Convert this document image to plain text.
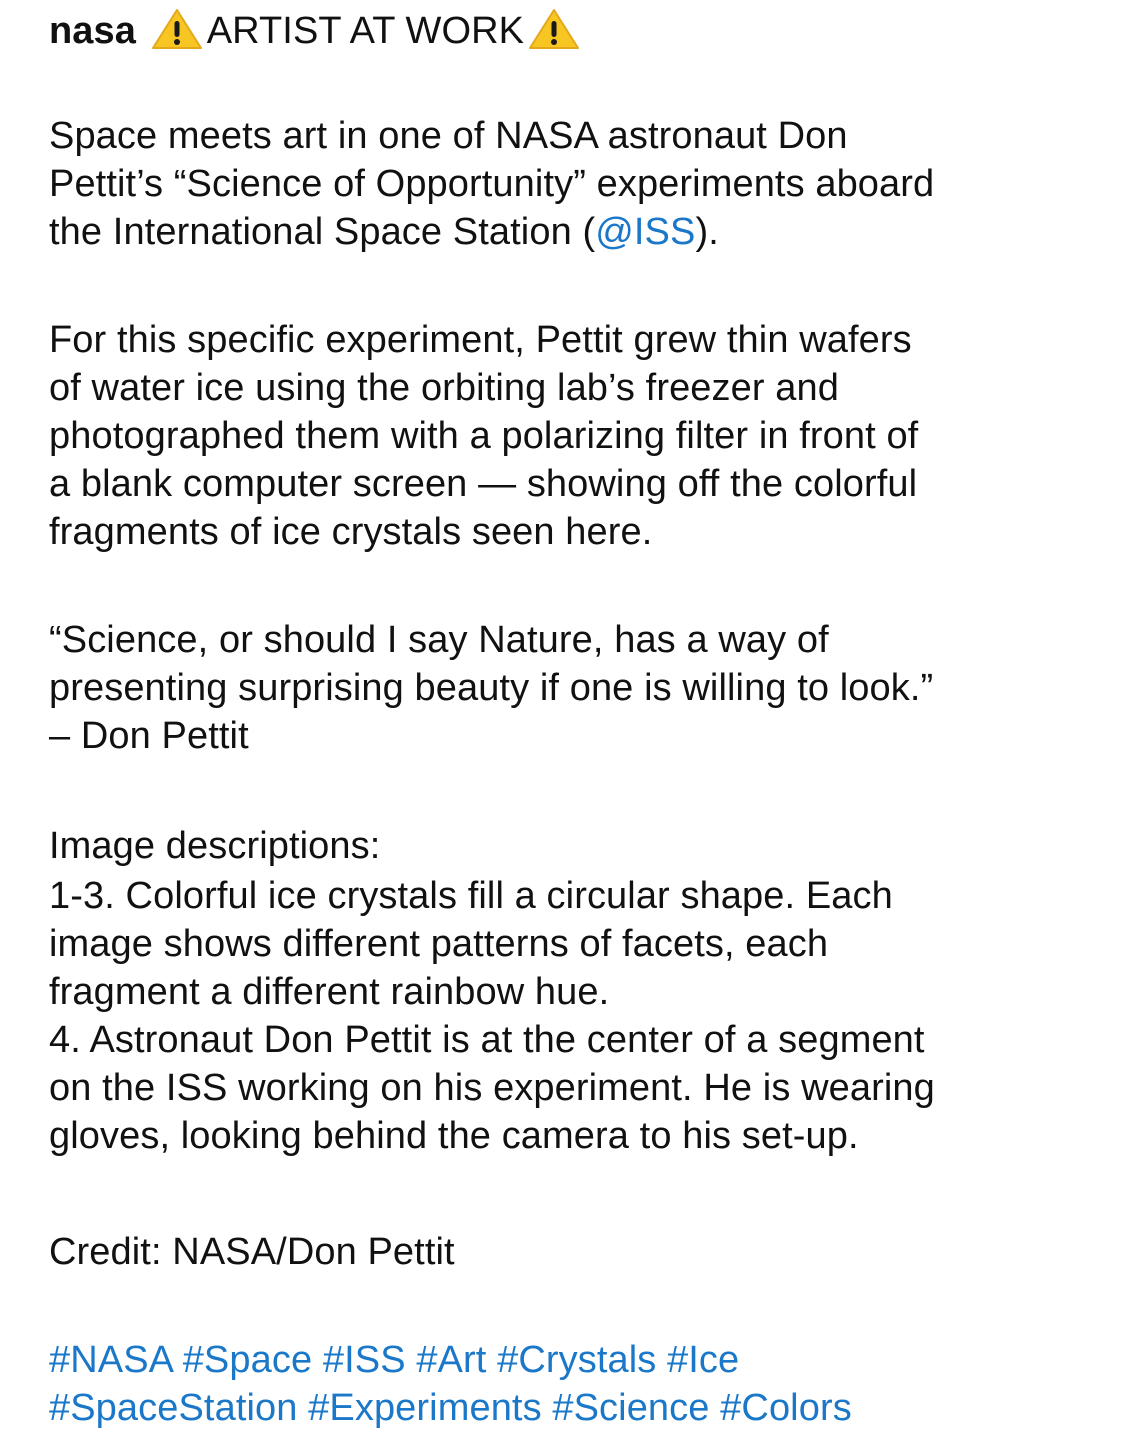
nasa ARTIST AT WORK
Space meets art in one of NASA astronaut Don
Pettit’s “Science of Opportunity” experiments aboard
the International Space Station (@ISS).
For this specific experiment, Pettit grew thin wafers
of water ice using the orbiting lab’s freezer and
photographed them with a polarizing filter in front of
a blank computer screen — showing off the colorful
fragments of ice crystals seen here.
“Science, or should I say Nature, has a way of
presenting surprising beauty if one is willing to look.”
– Don Pettit
Image descriptions:
1-3. Colorful ice crystals fill a circular shape. Each
image shows different patterns of facets, each
fragment a different rainbow hue.
4. Astronaut Don Pettit is at the center of a segment
on the ISS working on his experiment. He is wearing
gloves, looking behind the camera to his set-up.
Credit: NASA/Don Pettit
#NASA #Space #ISS #Art #Crystals #Ice
#SpaceStation #Experiments #Science #Colors
